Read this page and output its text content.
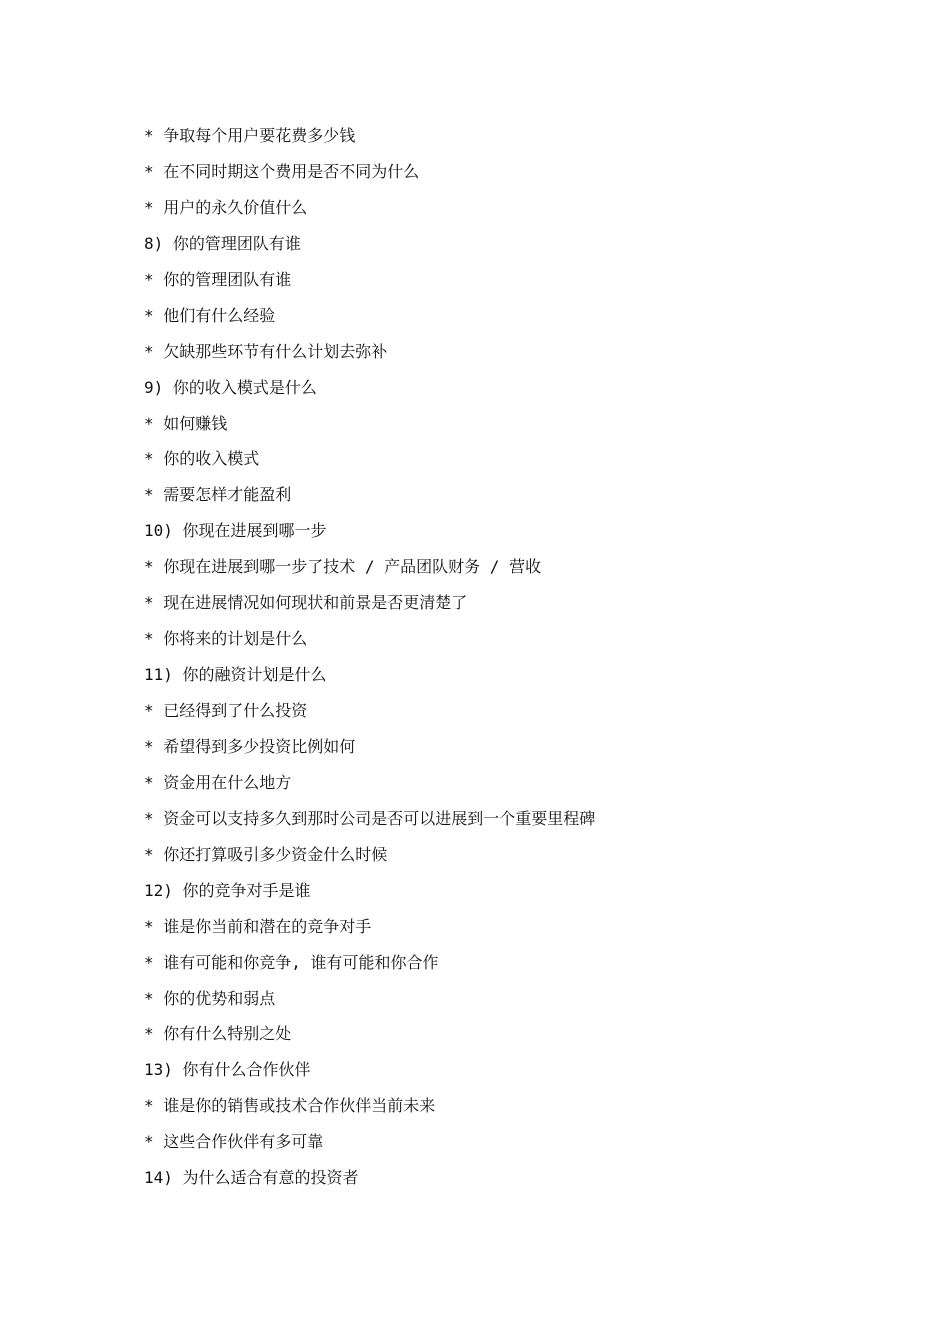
* 争取每个用户要花费多少钱
* 在不同时期这个费用是否不同为什么
* 用户的永久价值什么
8) 你的管理团队有谁
* 你的管理团队有谁
* 他们有什么经验
* 欠缺那些环节有什么计划去弥补
9) 你的收入模式是什么
* 如何赚钱
* 你的收入模式
* 需要怎样才能盈利
10) 你现在进展到哪一步
* 你现在进展到哪一步了技术 / 产品团队财务 / 营收
* 现在进展情况如何现状和前景是否更清楚了
* 你将来的计划是什么
11) 你的融资计划是什么
* 已经得到了什么投资
* 希望得到多少投资比例如何
* 资金用在什么地方
* 资金可以支持多久到那时公司是否可以进展到一个重要里程碑
* 你还打算吸引多少资金什么时候
12) 你的竞争对手是谁
* 谁是你当前和潜在的竞争对手
* 谁有可能和你竞争, 谁有可能和你合作
* 你的优势和弱点
* 你有什么特别之处
13) 你有什么合作伙伴
* 谁是你的销售或技术合作伙伴当前未来
* 这些合作伙伴有多可靠
14) 为什么适合有意的投资者
